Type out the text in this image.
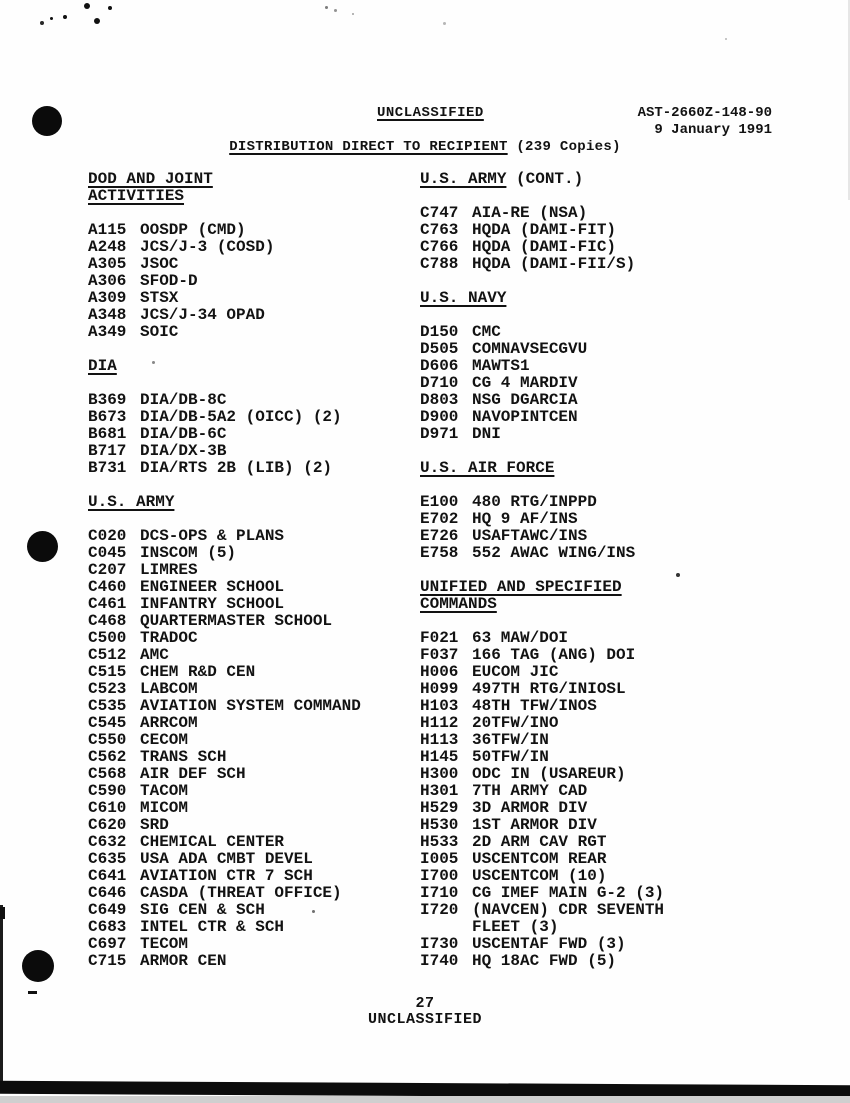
UNCLASSIFIED	AST-2660Z-148-90
9 January 1991
DISTRIBUTION DIRECT TO RECIPIENT (239 Copies)
DOD AND JOINT
ACTIVITIES
A115 OOSDP (CMD)
A248 JCS/J-3 (COSD)
A305 JSOC
A306 SFOD-D
A309 STSX
A348 JCS/J-34 OPAD
A349 SOIC
DIA
B369 DIA/DB-8C
B673 DIA/DB-5A2 (OICC) (2)
B681 DIA/DB-6C
B717 DIA/DX-3B
B731 DIA/RTS 2B (LIB) (2)
U.S. ARMY
C020 DCS-OPS & PLANS
C045 INSCOM (5)
C207 LIMRES
C460 ENGINEER SCHOOL
C461 INFANTRY SCHOOL
C468 QUARTERMASTER SCHOOL
C500 TRADOC
C512 AMC
C515 CHEM R&D CEN
C523 LABCOM
C535 AVIATION SYSTEM COMMAND
C545 ARRCOM
C550 CECOM
C562 TRANS SCH
C568 AIR DEF SCH
C590 TACOM
C610 MICOM
C620 SRD
C632 CHEMICAL CENTER
C635 USA ADA CMBT DEVEL
C641 AVIATION CTR 7 SCH
C646 CASDA (THREAT OFFICE)
C649 SIG CEN & SCH
C683 INTEL CTR & SCH
C697 TECOM
C715 ARMOR CEN
U.S. ARMY (CONT.)
C747 AIA-RE (NSA)
C763 HQDA (DAMI-FIT)
C766 HQDA (DAMI-FIC)
C788 HQDA (DAMI-FII/S)
U.S. NAVY
D150 CMC
D505 COMNAVSECGVU
D606 MAWTS1
D710 CG 4 MARDIV
D803 NSG DGARCIA
D900 NAVOPINTCEN
D971 DNI
U.S. AIR FORCE
E100 480 RTG/INPPD
E702 HQ 9 AF/INS
E726 USAFTAWC/INS
E758 552 AWAC WING/INS
UNIFIED AND SPECIFIED
COMMANDS
F021 63 MAW/DOI
F037 166 TAG (ANG) DOI
H006 EUCOM JIC
H099 497TH RTG/INIOSL
H103 48TH TFW/INOS
H112 20TFW/INO
H113 36TFW/IN
H145 50TFW/IN
H300 ODC IN (USAREUR)
H301 7TH ARMY CAD
H529 3D ARMOR DIV
H530 1ST ARMOR DIV
H533 2D ARM CAV RGT
I005 USCENTCOM REAR
I700 USCENTCOM (10)
I710 CG IMEF MAIN G-2 (3)
I720 (NAVCEN) CDR SEVENTH
FLEET (3)
I730 USCENTAF FWD (3)
I740 HQ 18AC FWD (5)
27
UNCLASSIFIED
